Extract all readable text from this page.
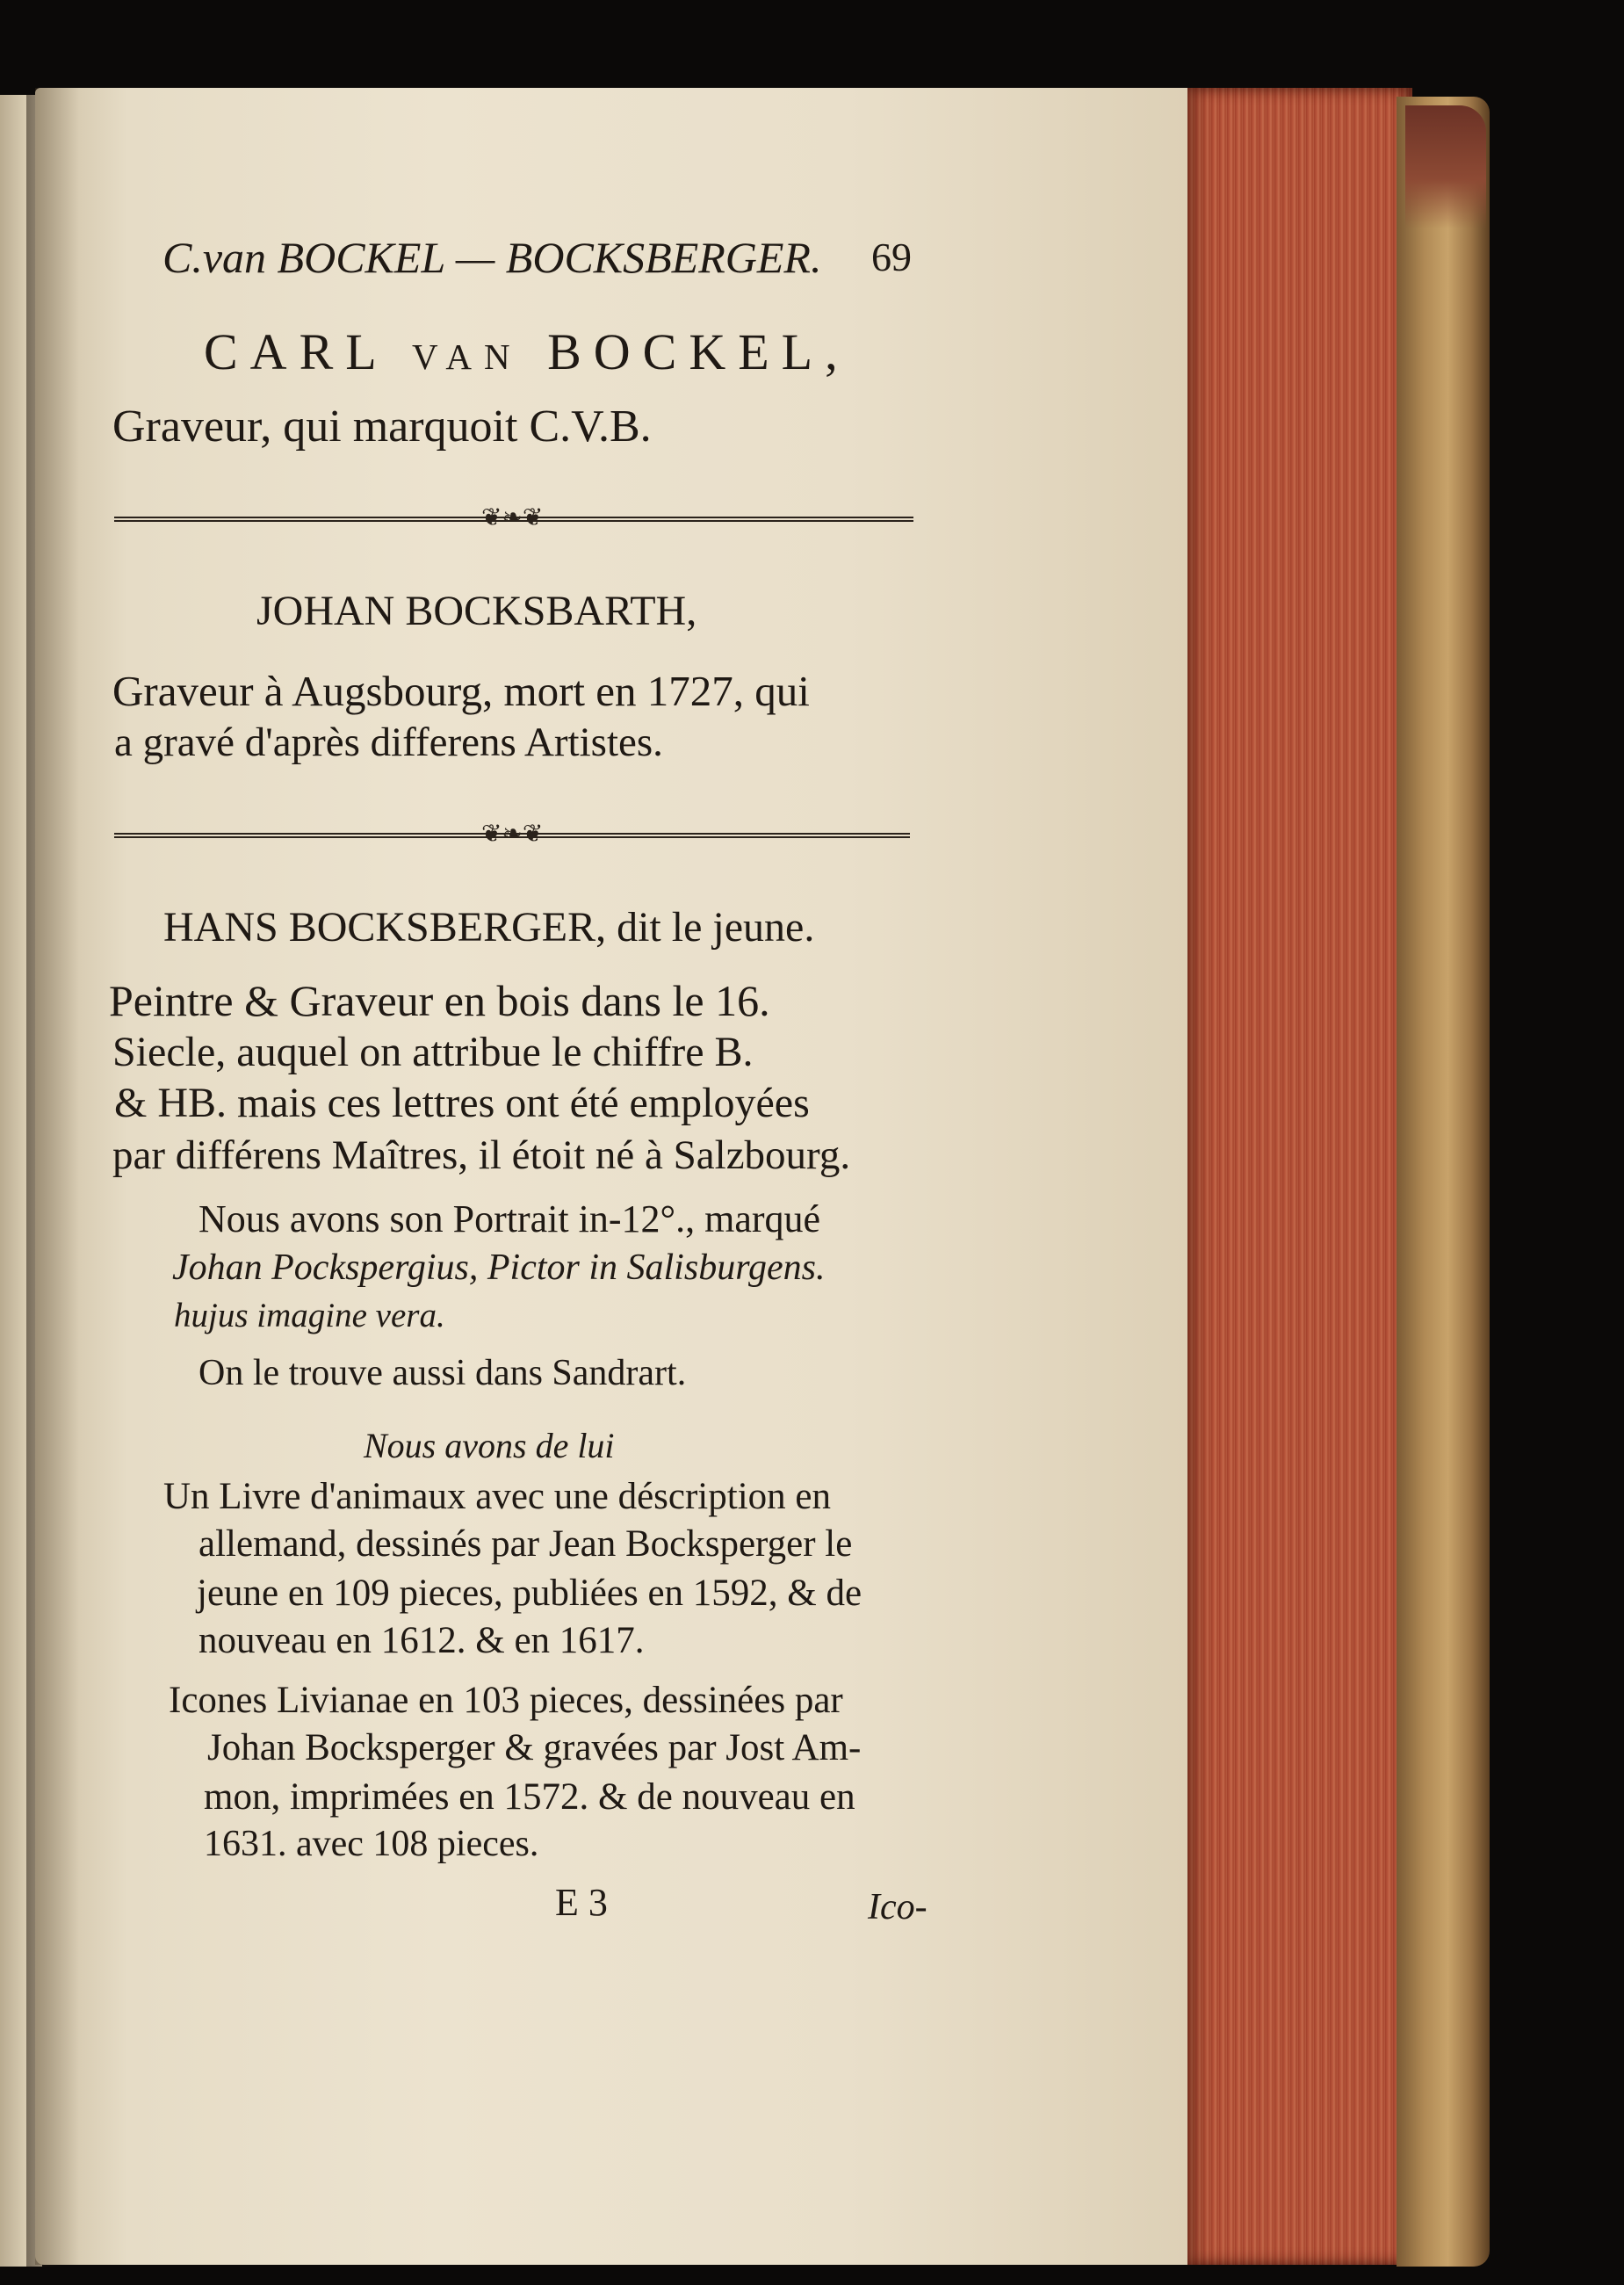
C.van BOCKEL — BOCKSBERGER. 69
CARL van BOCKEL,
Graveur, qui marquoit C.V.B.
❦❧❦
JOHAN BOCKSBARTH,
Graveur à Augsbourg, mort en 1727, qui
a gravé d'après differens Artistes.
❦❧❦
HANS BOCKSBERGER, dit le jeune.
Peintre & Graveur en bois dans le 16.
Siecle, auquel on attribue le chiffre B.
& HB. mais ces lettres ont été employées
par différens Maîtres, il étoit né à Salzbourg.
Nous avons son Portrait in-12°., marqué
Johan Pockspergius, Pictor in Salisburgens.
hujus imagine vera.
On le trouve aussi dans Sandrart.
Nous avons de lui
Un Livre d'animaux avec une déscription en
allemand, dessinés par Jean Bocksperger le
jeune en 109 pieces, publiées en 1592, & de
nouveau en 1612. & en 1617.
Icones Livianae en 103 pieces, dessinées par
Johan Bocksperger & gravées par Jost Am-
mon, imprimées en 1572. & de nouveau en
1631. avec 108 pieces.
E 3	Ico-
